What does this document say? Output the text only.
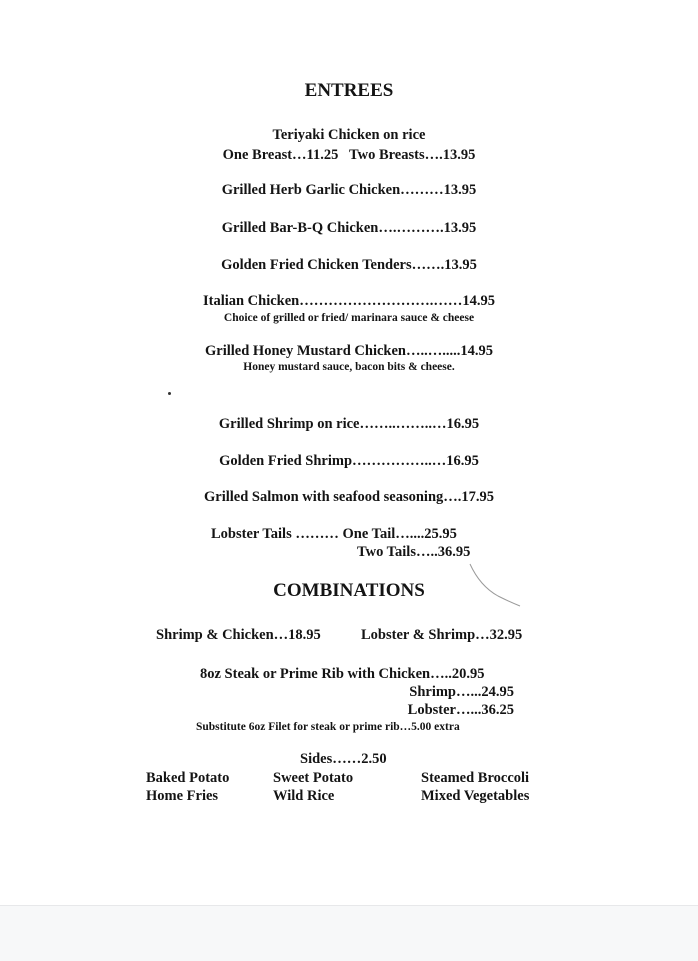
ENTREES
Teriyaki Chicken on rice
One Breast…11.25   Two Breasts….13.95
Grilled Herb Garlic Chicken………13.95
Grilled Bar-B-Q Chicken….……….13.95
Golden Fried Chicken Tenders…….13.95
Italian Chicken……………………….……14.95
Choice of grilled or fried/ marinara sauce & cheese
Grilled Honey Mustard Chicken…..….....14.95
Honey mustard sauce, bacon bits & cheese.
Grilled Shrimp on rice……..……..…16.95
Golden Fried Shrimp……………..…16.95
Grilled Salmon with seafood seasoning….17.95
Lobster Tails ……… One Tail…....25.95
Two Tails…..36.95
COMBINATIONS
Shrimp & Chicken…18.95	Lobster & Shrimp…32.95
8oz Steak or Prime Rib with Chicken…..20.95
Shrimp…...24.95
Lobster…...36.25
Substitute 6oz Filet for steak or prime rib…5.00 extra
Sides……2.50
Baked Potato
Home Fries
Sweet Potato
Wild Rice
Steamed Broccoli
Mixed Vegetables
